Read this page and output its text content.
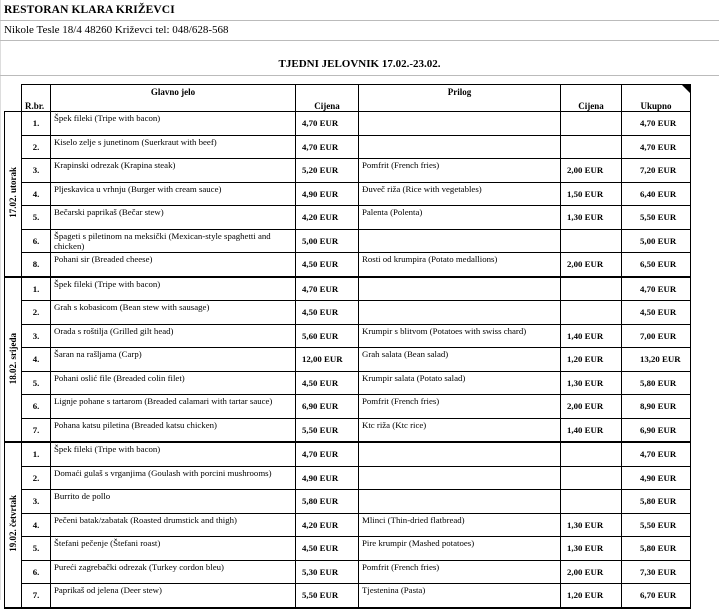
RESTORAN KLARA KRIŽEVCI
Nikole Tesle 18/4 48260 Križevci tel: 048/628-568
TJEDNI JELOVNIK 17.02.-23.02.
	R.br.	Glavno jelo	Cijena	Prilog	Cijena	Ukupno
17.02. utorak	1.	Špek fileki (Tripe with bacon)	4,70 EUR			4,70 EUR
	2.	Kiselo zelje s junetinom (Suerkraut with beef)	4,70 EUR			4,70 EUR
	3.	Krapinski odrezak (Krapina steak)	5,20 EUR	Pomfrit (French fries)	2,00 EUR	7,20 EUR
	4.	Pljeskavica u vrhnju (Burger with cream sauce)	4,90 EUR	Đuveč riža (Rice with vegetables)	1,50 EUR	6,40 EUR
	5.	Bečarski paprikaš (Bečar stew)	4,20 EUR	Palenta (Polenta)	1,30 EUR	5,50 EUR
	6.	Špageti s piletinom na meksički (Mexican-style spaghetti and chicken)	5,00 EUR			5,00 EUR
	8.	Pohani sir (Breaded cheese)	4,50 EUR	Rosti od krumpira (Potato medallions)	2,00 EUR	6,50 EUR
18.02. srijeda	1.	Špek fileki (Tripe with bacon)	4,70 EUR			4,70 EUR
	2.	Grah s kobasicom (Bean stew with sausage)	4,50 EUR			4,50 EUR
	3.	Orada s roštilja (Grilled gilt head)	5,60 EUR	Krumpir s blitvom (Potatoes with swiss chard)	1,40 EUR	7,00 EUR
	4.	Šaran na rašljama (Carp)	12,00 EUR	Grah salata (Bean salad)	1,20 EUR	13,20 EUR
	5.	Pohani oslić file (Breaded colin filet)	4,50 EUR	Krumpir salata (Potato salad)	1,30 EUR	5,80 EUR
	6.	Lignje pohane s tartarom (Breaded calamari with tartar sauce)	6,90 EUR	Pomfrit (French fries)	2,00 EUR	8,90 EUR
	7.	Pohana katsu piletina (Breaded katsu chicken)	5,50 EUR	Ktc riža (Ktc rice)	1,40 EUR	6,90 EUR
19.02. četvrtak	1.	Špek fileki (Tripe with bacon)	4,70 EUR			4,70 EUR
	2.	Domaći gulaš s vrganjima (Goulash with porcini mushrooms)	4,90 EUR			4,90 EUR
	3.	Burrito de pollo	5,80 EUR			5,80 EUR
	4.	Pečeni batak/zabatak (Roasted drumstick and thigh)	4,20 EUR	Mlinci (Thin-dried flatbread)	1,30 EUR	5,50 EUR
	5.	Štefani pečenje (Štefani roast)	4,50 EUR	Pire krumpir (Mashed potatoes)	1,30 EUR	5,80 EUR
	6.	Pureći zagrebački odrezak (Turkey cordon bleu)	5,30 EUR	Pomfrit (French fries)	2,00 EUR	7,30 EUR
	7.	Paprikaš od jelena (Deer stew)	5,50 EUR	Tjestenina (Pasta)	1,20 EUR	6,70 EUR
